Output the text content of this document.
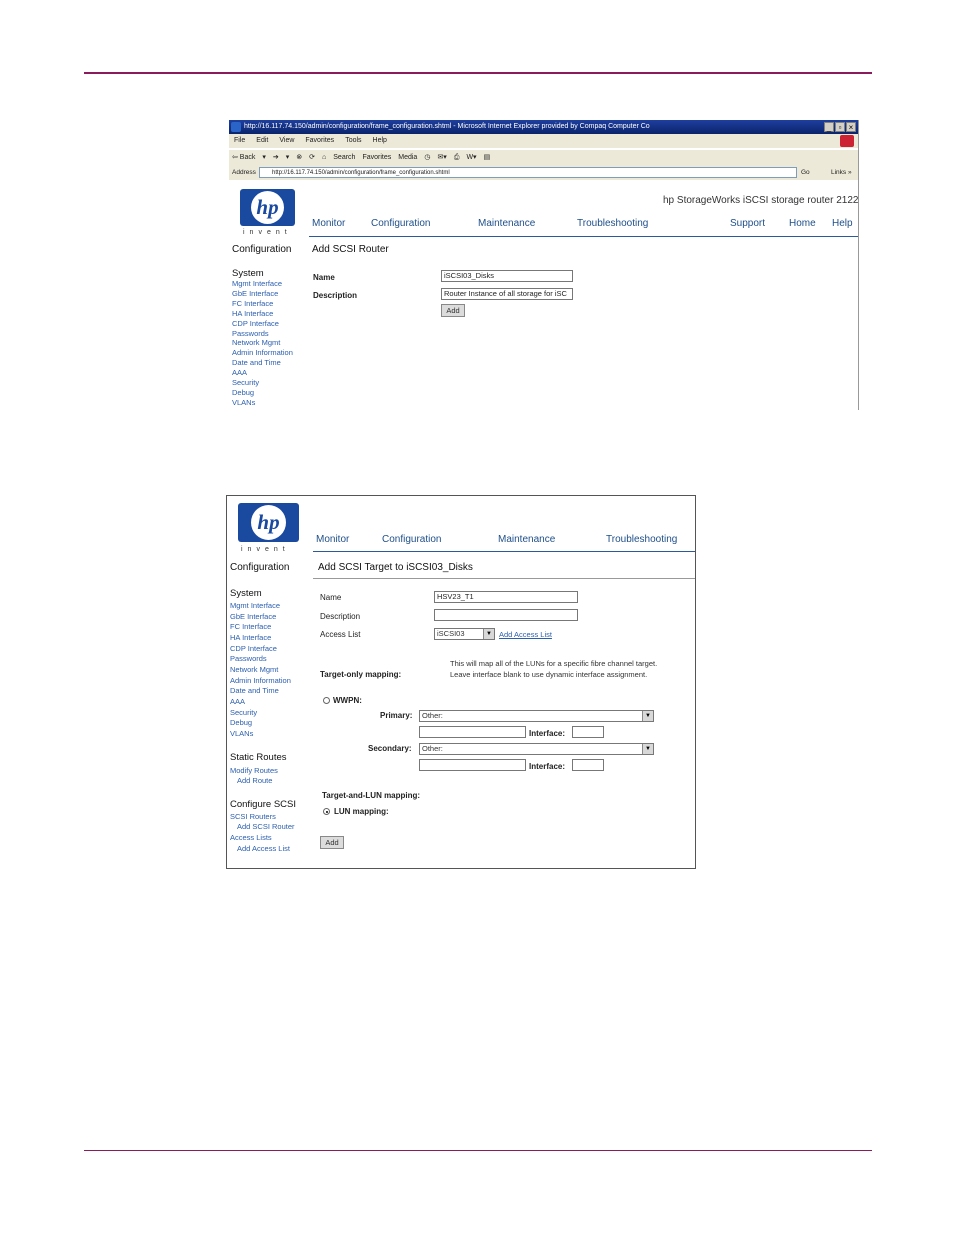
http://16.117.74.150/admin/configuration/frame_configuration.shtml - Microsoft Internet Explorer provided by Compaq Computer Co	_ ▫ ×
File Edit View Favorites Tools Help
⇦ Back ▾ ➔ ▾ ⊗ ⟳ ⌂ Search Favorites Media ◷ ✉▾ ⎙ W▾ ▤
Address	http://16.117.74.150/admin/configuration/frame_configuration.shtml	Go	Links »
hp
invent
hp StorageWorks iSCSI storage router 2122
Monitor	Configuration	Maintenance	Troubleshooting	Support Home Help
Configuration Add SCSI Router
System
Mgmt Interface
GbE Interface
FC Interface
HA Interface
CDP Interface
Passwords
Network Mgmt
Admin Information
Date and Time
AAA
Security
Debug
VLANs
Name	iSCSI03_Disks
Description	Router Instance of all storage for iSC
Add
hp
invent
Monitor	Configuration	Maintenance	Troubleshooting
Configuration	Add SCSI Target to iSCSI03_Disks
System
Mgmt Interface
GbE Interface
FC Interface
HA Interface
CDP Interface
Passwords
Network Mgmt
Admin Information
Date and Time
AAA
Security
Debug
VLANs
Static Routes
Modify Routes
Add Route
Configure SCSI
SCSI Routers
Add SCSI Router
Access Lists
Add Access List
Name	HSV23_T1
Description
Access List	iSCSI03	▼ Add Access List
Target-only mapping:
This will map all of the LUNs for a specific fibre channel target. Leave interface blank to use dynamic interface assignment.
WWPN:
Primary:	Other:	▼
Interface:
Secondary:	Other:	▼
Interface:
Target-and-LUN mapping:
LUN mapping:
Add
